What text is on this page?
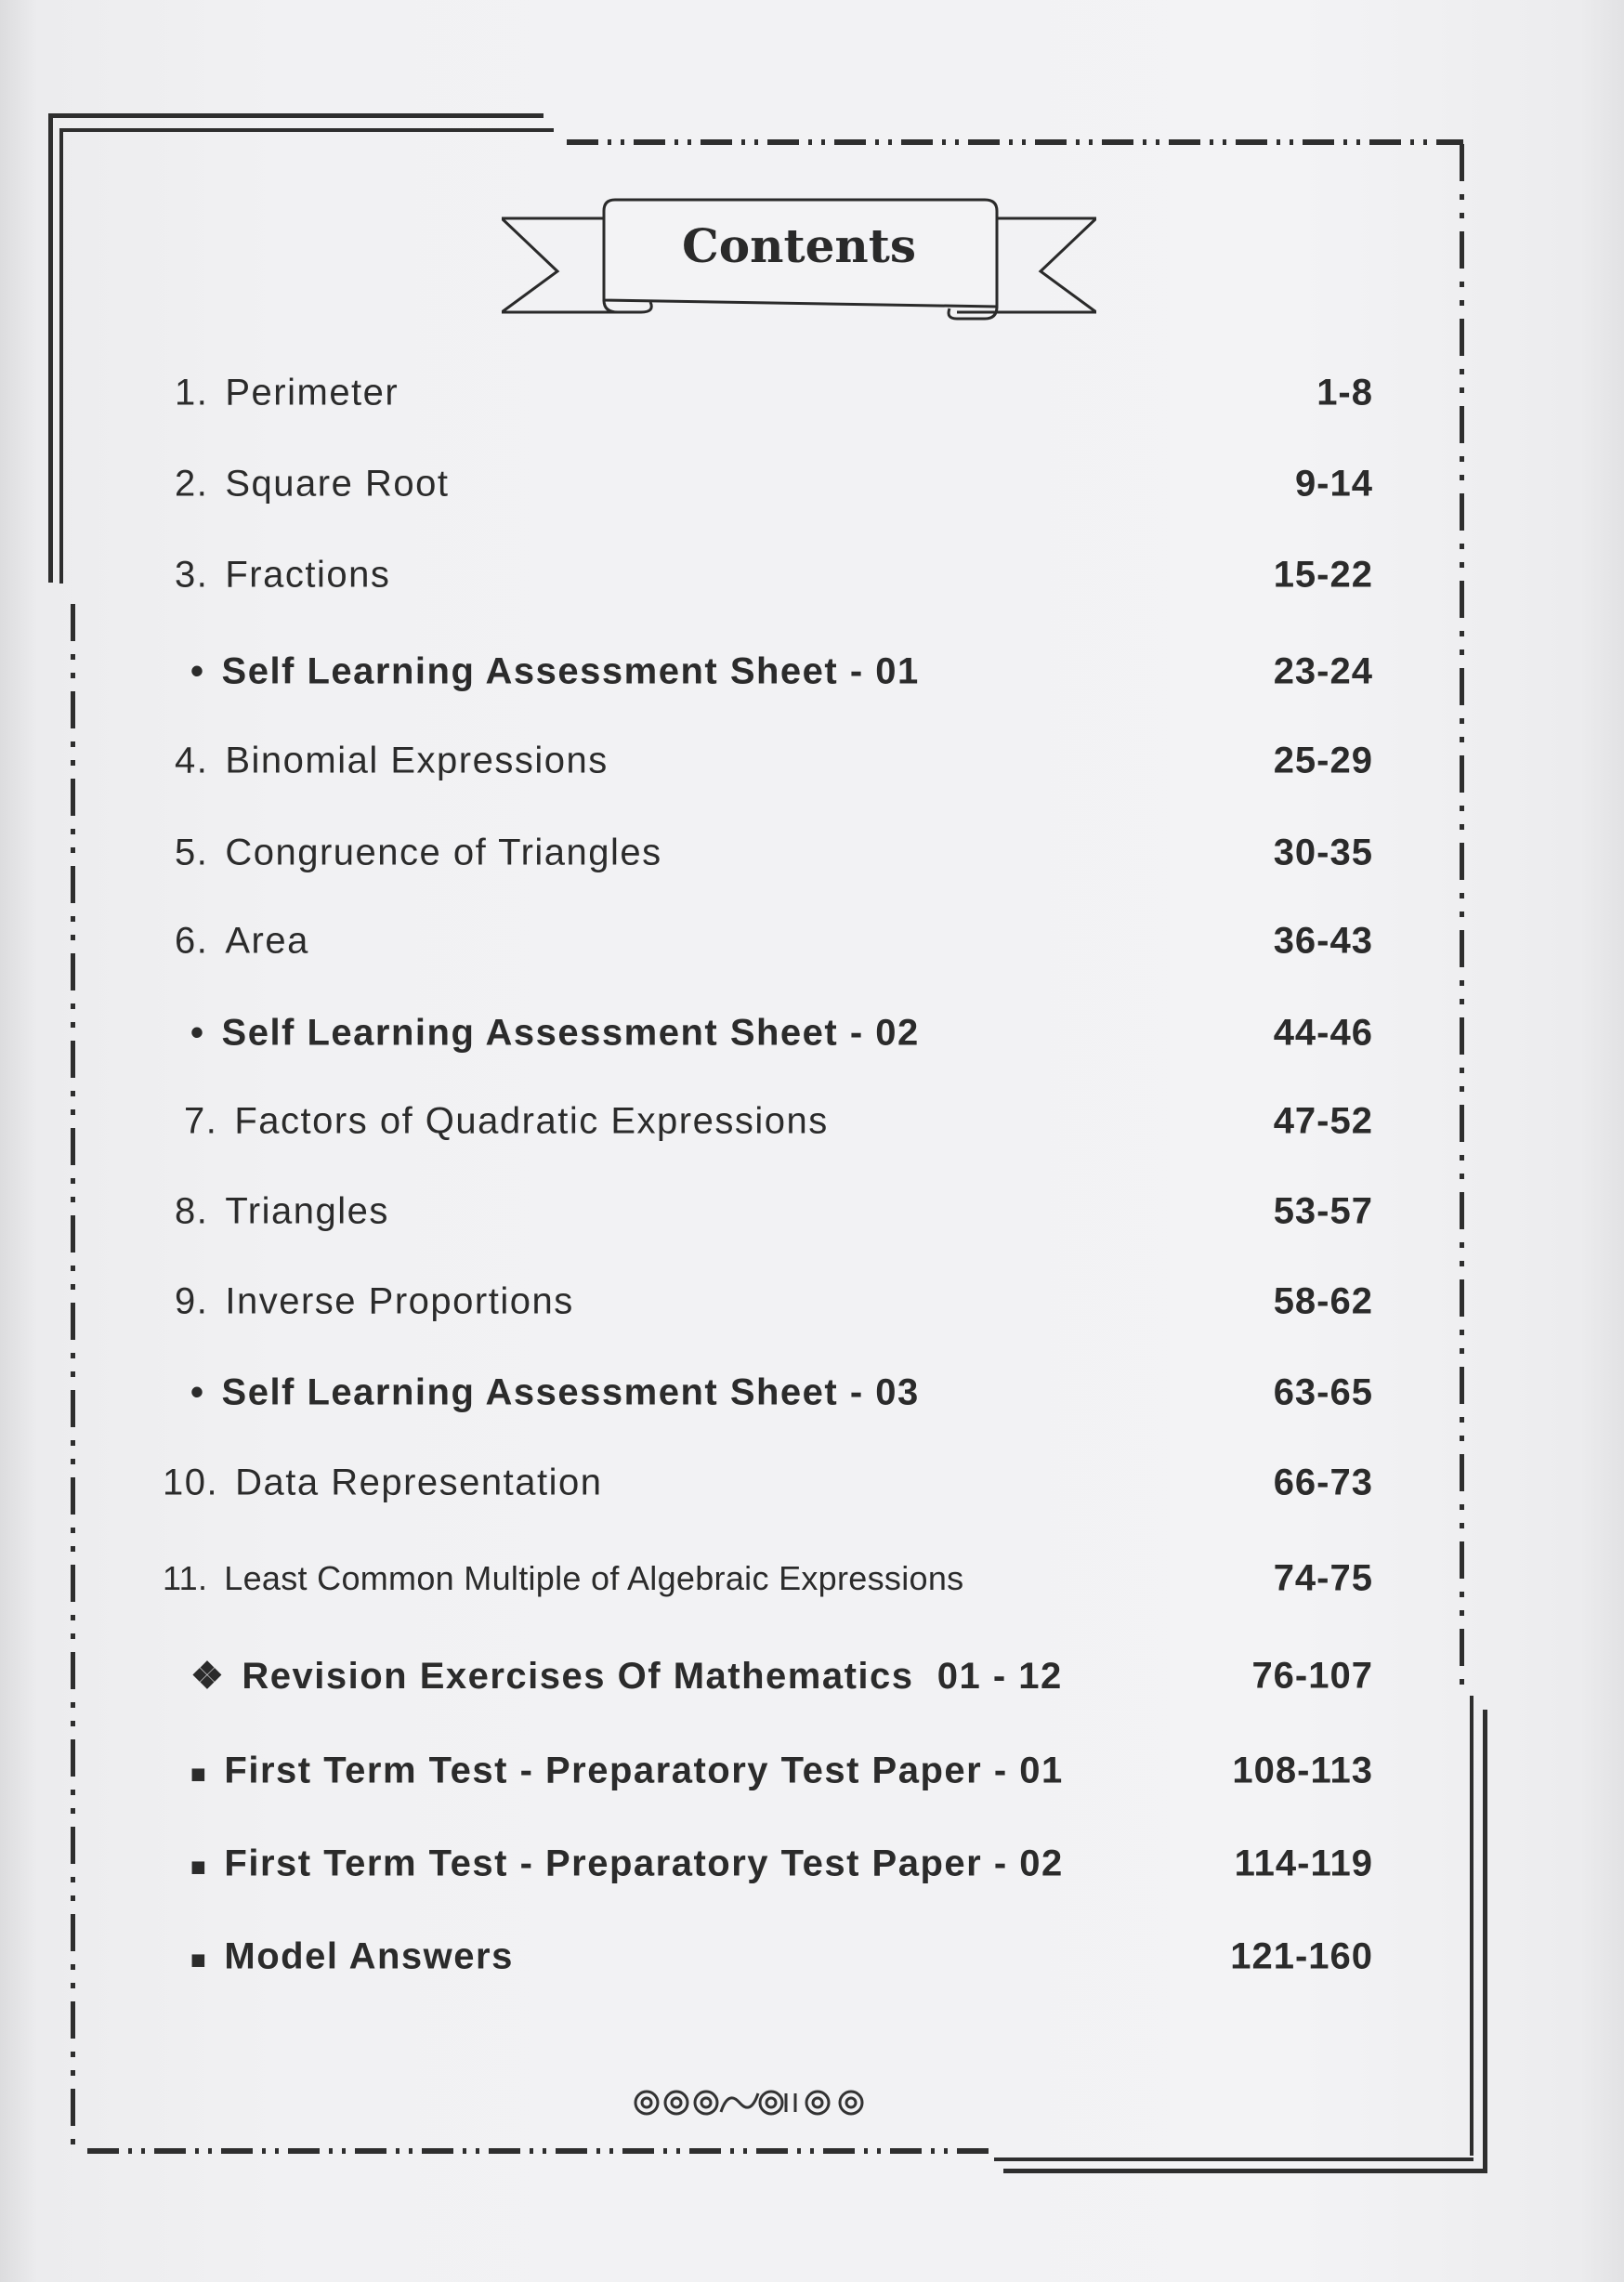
Contents
1. Perimeter	1-8
2. Square Root	9-14
3. Fractions	15-22
• Self Learning Assessment Sheet - 01	23-24
4. Binomial Expressions	25-29
5. Congruence of Triangles	30-35
6. Area	36-43
• Self Learning Assessment Sheet - 02	44-46
7. Factors of Quadratic Expressions	47-52
8. Triangles	53-57
9. Inverse Proportions	58-62
• Self Learning Assessment Sheet - 03	63-65
10. Data Representation	66-73
11. Least Common Multiple of Algebraic Expressions	74-75
❖ Revision Exercises Of Mathematics  01 - 12	76-107
■ First Term Test - Preparatory Test Paper - 01	108-113
■ First Term Test - Preparatory Test Paper - 02	114-119
■ Model Answers	121-160
